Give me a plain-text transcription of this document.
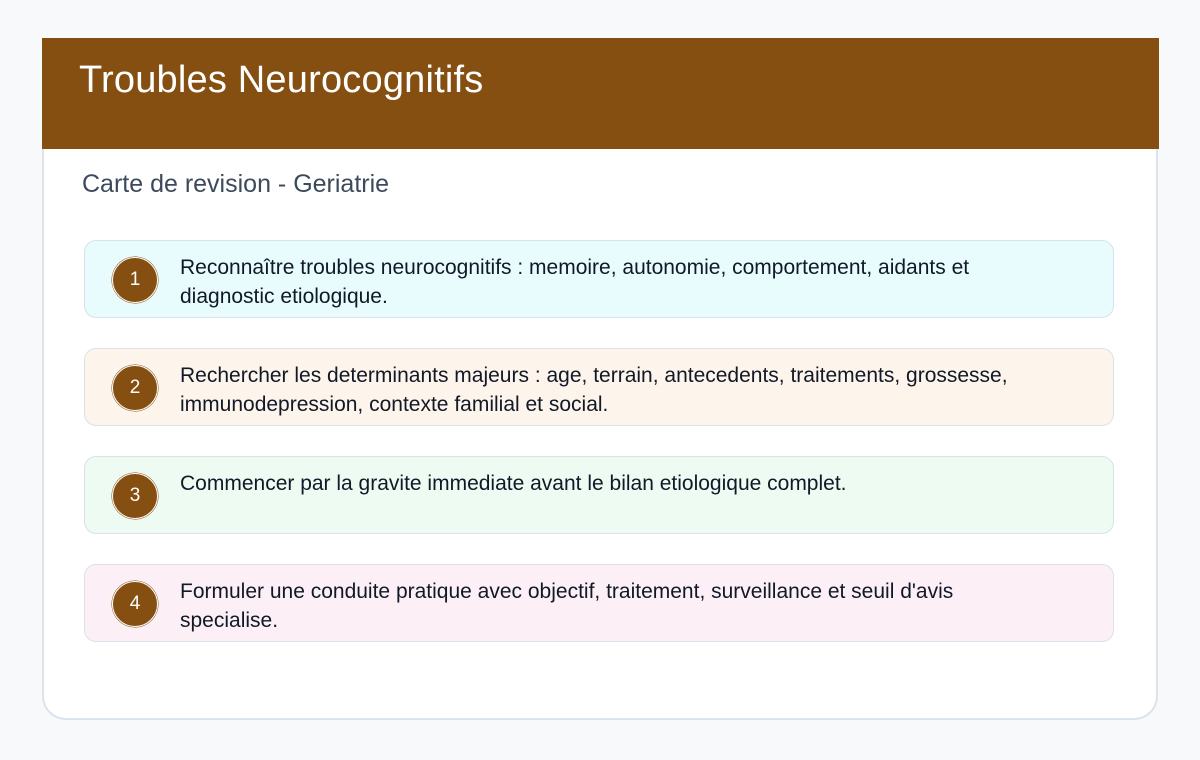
Troubles Neurocognitifs
Carte de revision - Geriatrie
1
Reconnaître troubles neurocognitifs : memoire, autonomie, comportement, aidants et diagnostic etiologique.
2
Rechercher les determinants majeurs : age, terrain, antecedents, traitements, grossesse, immunodepression, contexte familial et social.
3
Commencer par la gravite immediate avant le bilan etiologique complet.
4
Formuler une conduite pratique avec objectif, traitement, surveillance et seuil d'avis specialise.
